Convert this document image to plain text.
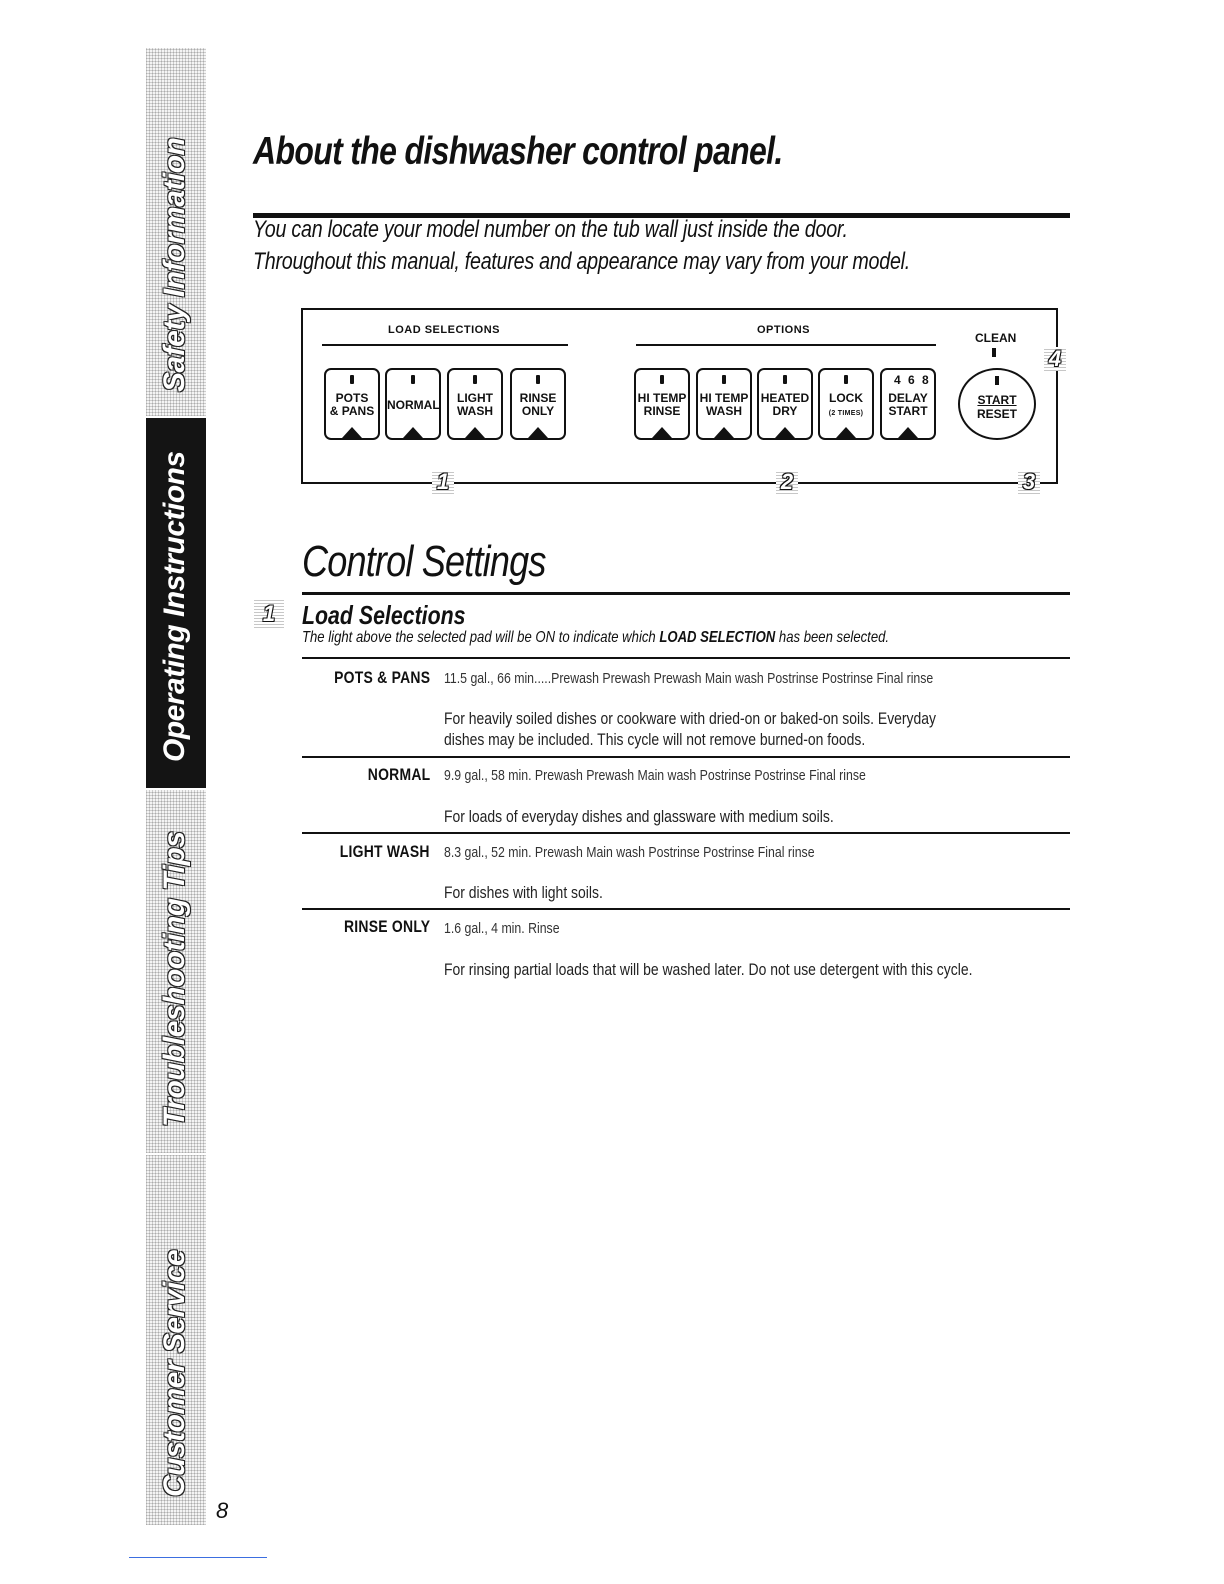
Safety Information
Operating Instructions
Troubleshooting Tips
Customer Service
About the dishwasher control panel.
You can locate your model number on the tub wall just inside the door.
Throughout this manual, features and appearance may vary from your model.
LOAD SELECTIONS	OPTIONS
POTS
& PANS	NORMAL	LIGHT
WASH
RINSE
ONLY
HI TEMP
RINSE
HI TEMP
WASH
HEATED
DRY
LOCK
(2 TIMES)
4 6 8
DELAY
START
CLEAN
START
RESET
1	2	3
4
Control Settings
1	Load Selections
The light above the selected pad will be ON to indicate which LOAD SELECTION has been selected.
POTS & PANS 11.5 gal., 66 min.....Prewash Prewash Prewash Main wash Postrinse Postrinse Final rinse
For heavily soiled dishes or cookware with dried-on or baked-on soils. Everyday
dishes may be included. This cycle will not remove burned-on foods.
NORMAL 9.9 gal., 58 min. Prewash Prewash Main wash Postrinse Postrinse Final rinse
For loads of everyday dishes and glassware with medium soils.
LIGHT WASH 8.3 gal., 52 min. Prewash Main wash Postrinse Postrinse Final rinse
For dishes with light soils.
RINSE ONLY 1.6 gal., 4 min. Rinse
For rinsing partial loads that will be washed later. Do not use detergent with this cycle.
8
